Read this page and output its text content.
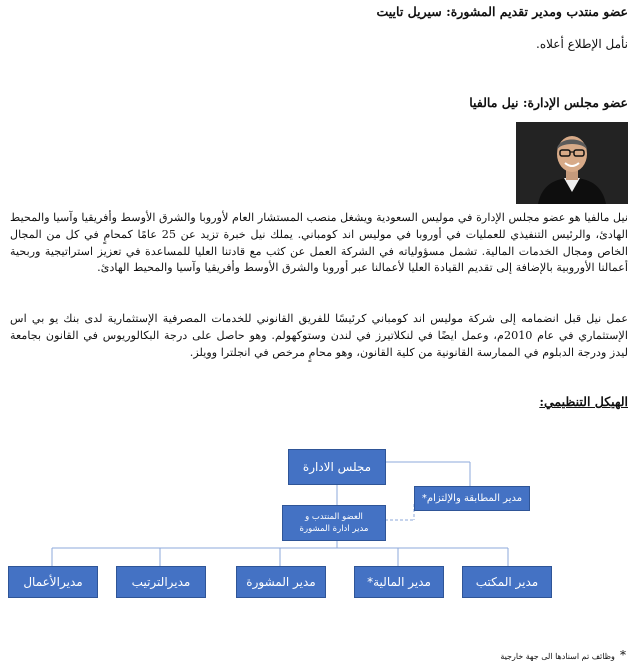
عضو منتدب ومدير تقديم المشورة: سيريل تاييت
نأمل الإطلاع أعلاه.
عضو مجلس الإدارة: نيل مالفيا
نيل مالفيا هو عضو مجلس الإدارة في موليس السعودية ويشغل منصب المستشار العام لأوروبا والشرق الأوسط وأفريقيا وآسيا والمحيط الهادئ، والرئيس التنفيذي للعمليات في أوروبا في موليس اند كومباني. يملك نيل خبرة تزيد عن 25 عامًا كمحامٍ في كل من المجال الخاص ومجال الخدمات المالية. تشمل مسؤولياته في الشركة العمل عن كثب مع قادتنا العليا للمساعدة في تعزيز استراتيجية وربحية أعمالنا الأوروبية بالإضافة إلى تقديم القيادة العليا لأعمالنا عبر أوروبا والشرق الأوسط وأفريقيا وآسيا والمحيط الهادئ.
عمل نيل قبل انضمامه إلى شركة موليس اند كومباني كرئيسًا للفريق القانوني للخدمات المصرفية الإستثمارية لدى بنك يو بي اس الإستثماري في عام 2010م، وعمل ايضًا في لنكلاتيرز في لندن وستوكهولم. وهو حاصل على درجة البكالوريوس في القانون بجامعة ليدز ودرجة الدبلوم في الممارسة القانونية من كلية القانون، وهو محامٍ مرخص في انجلترا وويلز.
الهيكل التنظيمي:
مجلس الادارة
مدير المطابقة والإلتزام*
العضو المنتدب و
مدير ادارة المشورة
مدير المكتب
مدير المالية*
مدير المشورة
مديرالترتيب
مديرالأعمال
* وظائف تم اسنادها الى جهة خارجية
